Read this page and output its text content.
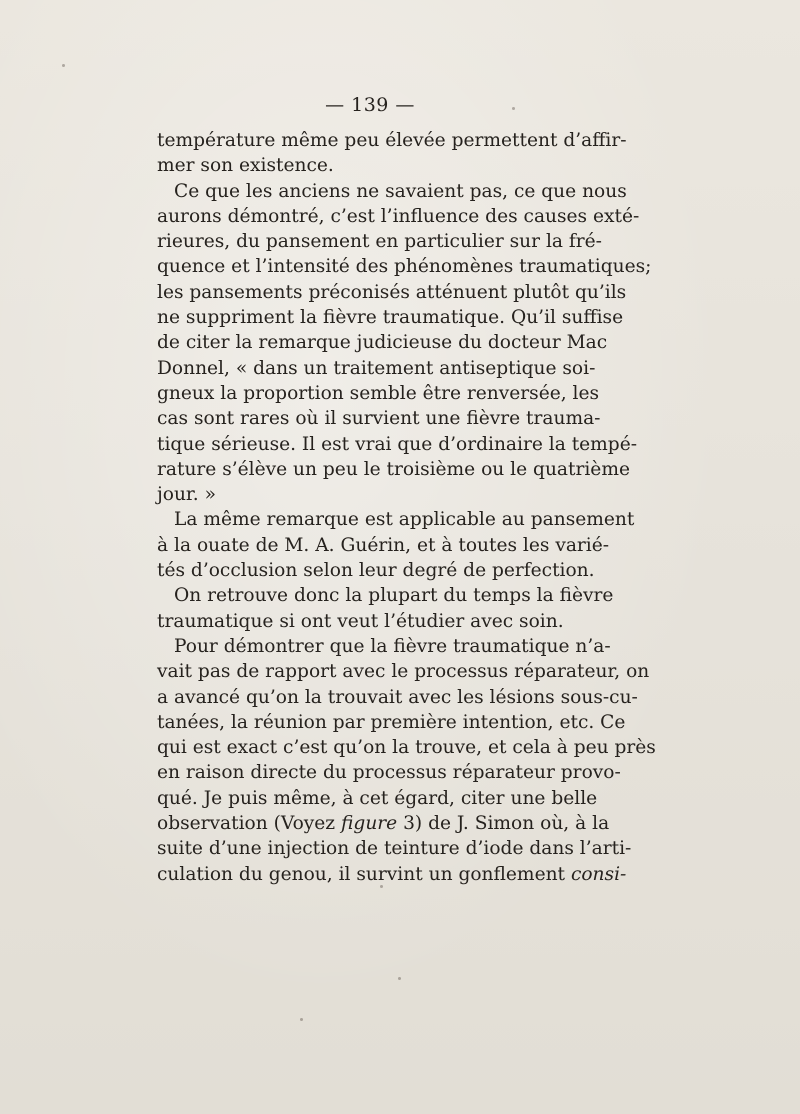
— 139 —
température même peu élevée permettent d’affir-
mer son existence.
Ce que les anciens ne savaient pas, ce que nous
aurons démontré, c’est l’influence des causes exté-
rieures, du pansement en particulier sur la fré-
quence et l’intensité des phénomènes traumatiques;
les pansements préconisés atténuent plutôt qu’ils
ne suppriment la fièvre traumatique. Qu’il suffise
de citer la remarque judicieuse du docteur Mac
Donnel, « dans un traitement antiseptique soi-
gneux la proportion semble être renversée, les
cas sont rares où il survient une fièvre trauma-
tique sérieuse. Il est vrai que d’ordinaire la tempé-
rature s’élève un peu le troisième ou le quatrième
jour. »
La même remarque est applicable au pansement
à la ouate de M. A. Guérin, et à toutes les varié-
tés d’occlusion selon leur degré de perfection.
On retrouve donc la plupart du temps la fièvre
traumatique si ont veut l’étudier avec soin.
Pour démontrer que la fièvre traumatique n’a-
vait pas de rapport avec le processus réparateur, on
a avancé qu’on la trouvait avec les lésions sous-cu-
tanées, la réunion par première intention, etc. Ce
qui est exact c’est qu’on la trouve, et cela à peu près
en raison directe du processus réparateur provo-
qué. Je puis même, à cet égard, citer une belle
observation (Voyez figure 3) de J. Simon où, à la
suite d’une injection de teinture d’iode dans l’arti-
culation du genou, il survint un gonflement consi-
